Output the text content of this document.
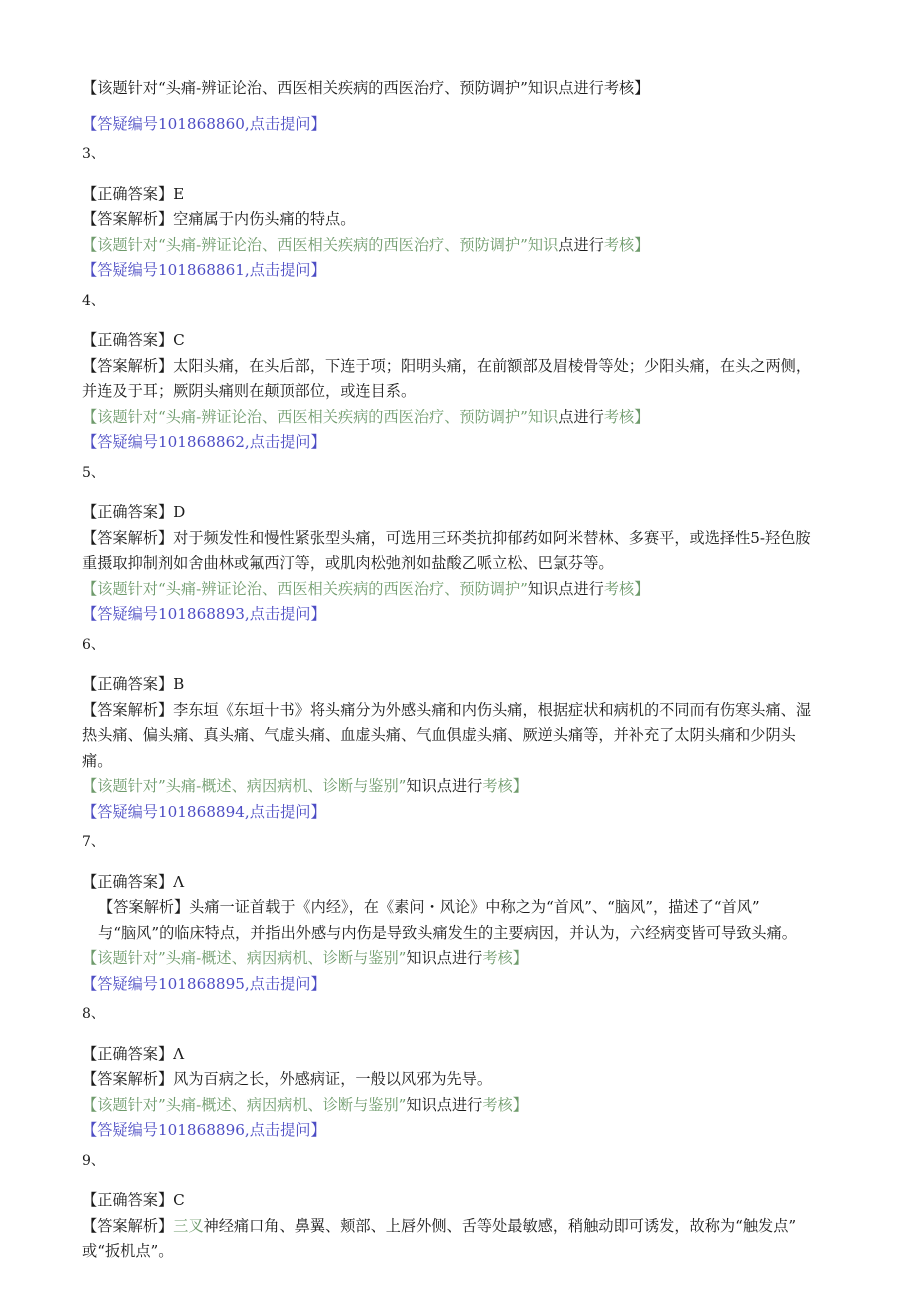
【该题针对“头痛-辨证论治、西医相关疾病的西医治疗、预防调护”知识点进行考核】
【答疑编号101868860,点击提问】
3、
【正确答案】E
【答案解析】空痛属于内伤头痛的特点。
【该题针对“头痛-辨证论治、西医相关疾病的西医治疗、预防调护”知识点进行考核】
【答疑编号101868861,点击提问】
4、
【正确答案】C
【答案解析】太阳头痛，在头后部，下连于项；阳明头痛，在前额部及眉棱骨等处；少阳头痛，在头之两侧，
并连及于耳；厥阴头痛则在颠顶部位，或连目系。
【该题针对“头痛-辨证论治、西医相关疾病的西医治疗、预防调护”知识点进行考核】
【答疑编号101868862,点击提问】
5、
【正确答案】D
【答案解析】对于频发性和慢性紧张型头痛，可选用三环类抗抑郁药如阿米替林、多赛平，或选择性5-羟色胺
重摄取抑制剂如舍曲林或氟西汀等，或肌肉松弛剂如盐酸乙哌立松、巴氯芬等。
【该题针对“头痛-辨证论治、西医相关疾病的西医治疗、预防调护”知识点进行考核】
【答疑编号101868893,点击提问】
6、
【正确答案】B
【答案解析】李东垣《东垣十书》将头痛分为外感头痛和内伤头痛，根据症状和病机的不同而有伤寒头痛、湿
热头痛、偏头痛、真头痛、气虚头痛、血虚头痛、气血俱虚头痛、厥逆头痛等，并补充了太阴头痛和少阴头
痛。
【该题针对”头痛-概述、病因病机、诊断与鉴别”知识点进行考核】
【答疑编号101868894,点击提问】
7、
【正确答案】Λ
【答案解析】头痛一证首载于《内经》，在《素问・风论》中称之为“首风”、“脑风”，描述了“首风”
与“脑风”的临床特点，并指出外感与内伤是导致头痛发生的主要病因，并认为，六经病变皆可导致头痛。
【该题针对”头痛-概述、病因病机、诊断与鉴别”知识点进行考核】
【答疑编号101868895,点击提问】
8、
【正确答案】Λ
【答案解析】风为百病之长，外感病证，一般以风邪为先导。
【该题针对”头痛-概述、病因病机、诊断与鉴别”知识点进行考核】
【答疑编号101868896,点击提问】
9、
【正确答案】C
【答案解析】三叉神经痛口角、鼻翼、颊部、上唇外侧、舌等处最敏感，稍触动即可诱发，故称为“触发点”
或“扳机点”。
